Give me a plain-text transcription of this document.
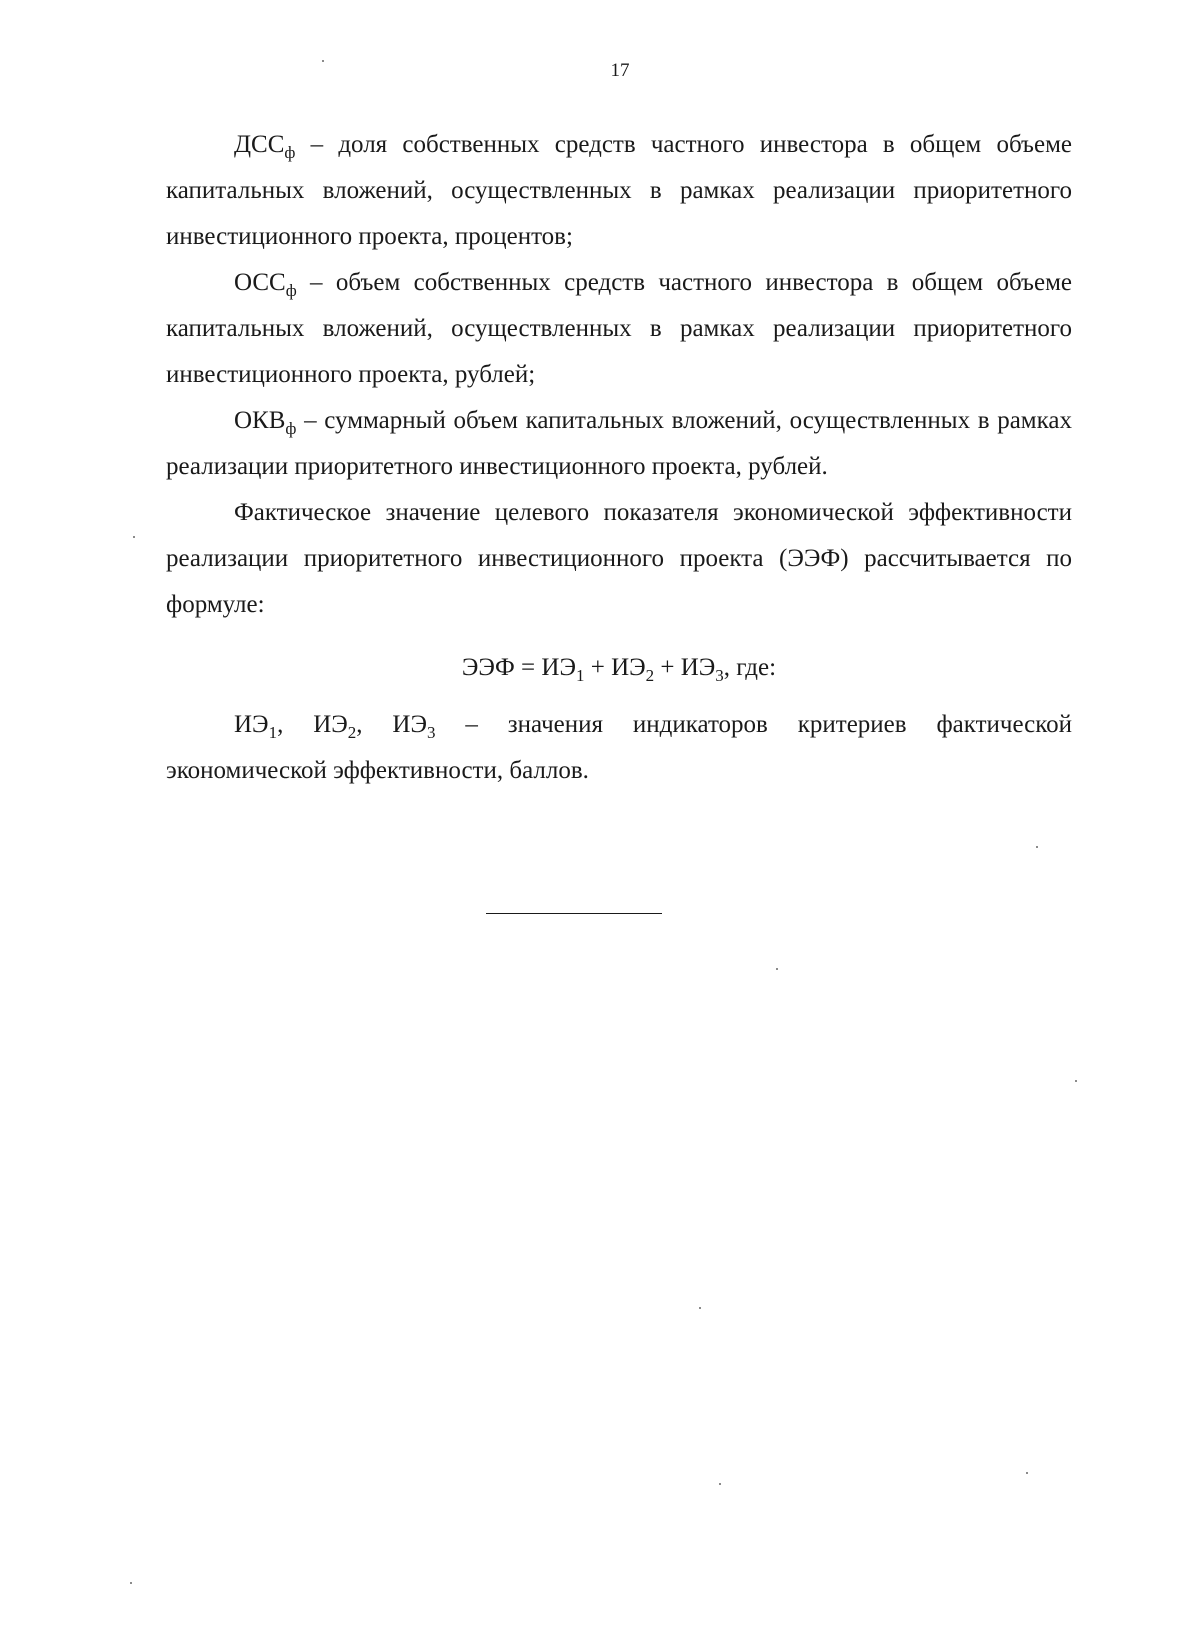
17

$ДСС_ф$ – доля собственных средств частного инвестора в общем объеме капитальных вложений, осуществленных в рамках реализации приоритетного инвестиционного проекта, процентов;

$ОСС_ф$ – объем собственных средств частного инвестора в общем объеме капитальных вложений, осуществленных в рамках реализации приоритетного инвестиционного проекта, рублей;

$ОКВ_ф$ – суммарный объем капитальных вложений, осуществленных в рамках реализации приоритетного инвестиционного проекта, рублей.

Фактическое значение целевого показателя экономической эффективности реализации приоритетного инвестиционного проекта (ЭЭФ) рассчитывается по формуле:

ЭЭФ = $ИЭ_1 + ИЭ_2 + ИЭ_3$, где:

$ИЭ_1$, $ИЭ_2$, $ИЭ_3$ – значения индикаторов критериев фактической экономической эффективности, баллов.
